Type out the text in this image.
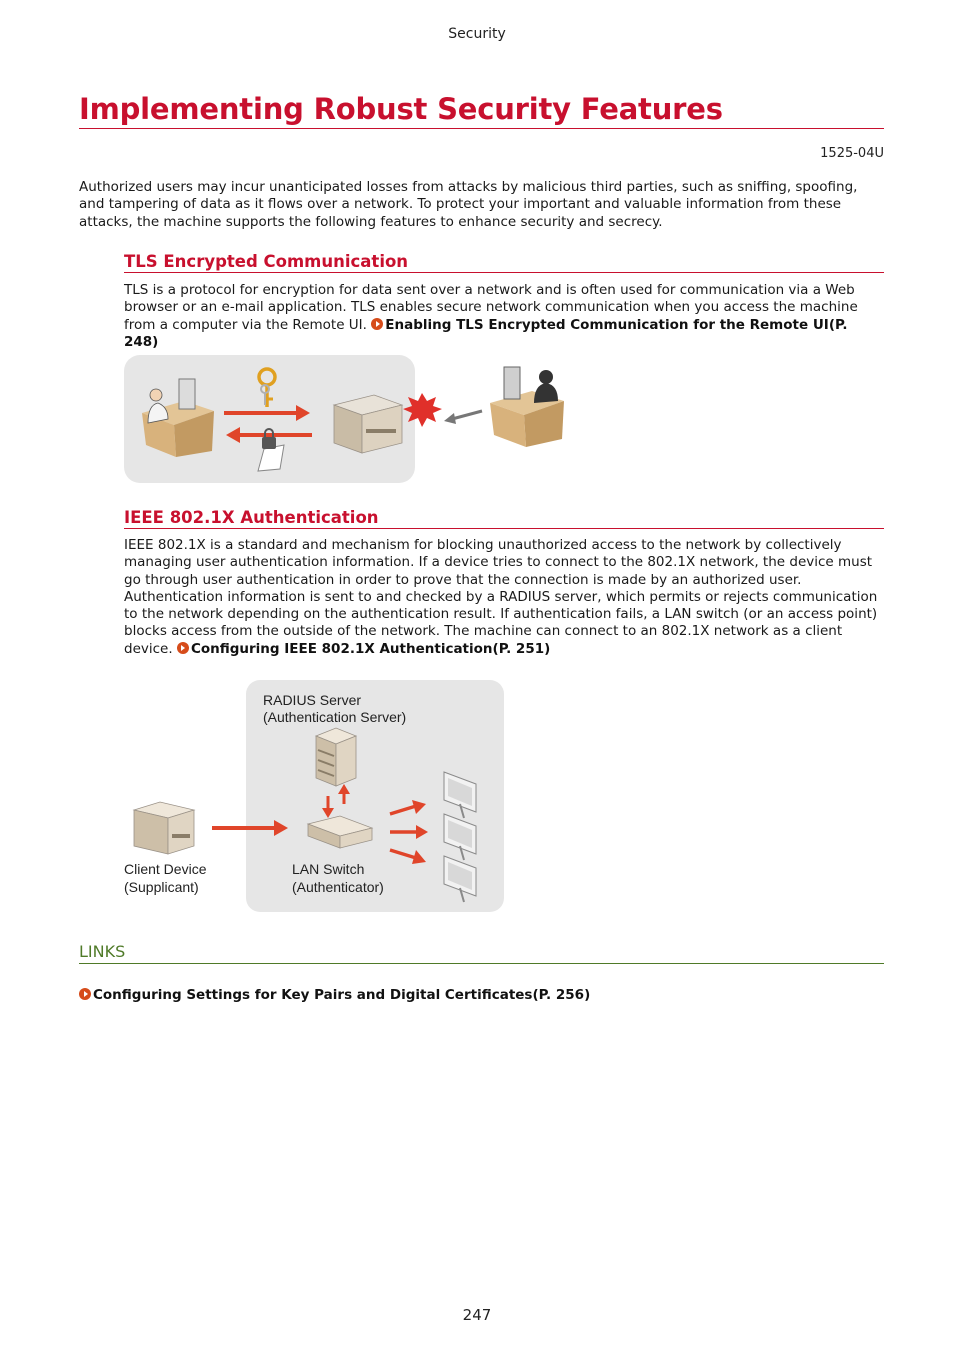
Security
Implementing Robust Security Features
1525-04U

Authorized users may incur unanticipated losses from attacks by malicious third parties, such as sniffing, spoofing, and tampering of data as it flows over a network. To protect your important and valuable information from these attacks, the machine supports the following features to enhance security and secrecy.

TLS Encrypted Communication

TLS is a protocol for encryption for data sent over a network and is often used for communication via a Web browser or an e-mail application. TLS enables secure network communication when you access the machine from a computer via the Remote UI. Enabling TLS Encrypted Communication for the Remote UI(P. 248)

IEEE 802.1X Authentication

IEEE 802.1X is a standard and mechanism for blocking unauthorized access to the network by collectively managing user authentication information. If a device tries to connect to the 802.1X network, the device must go through user authentication in order to prove that the connection is made by an authorized user. Authentication information is sent to and checked by a RADIUS server, which permits or rejects communication to the network depending on the authentication result. If authentication fails, a LAN switch (or an access point) blocks access from the outside of the network. The machine can connect to an 802.1X network as a client device. Configuring IEEE 802.1X Authentication(P. 251)

RADIUS Server
(Authentication Server)
Client Device
(Supplicant)
LAN Switch
(Authenticator)
LINKS
Configuring Settings for Key Pairs and Digital Certificates(P. 256)
247
